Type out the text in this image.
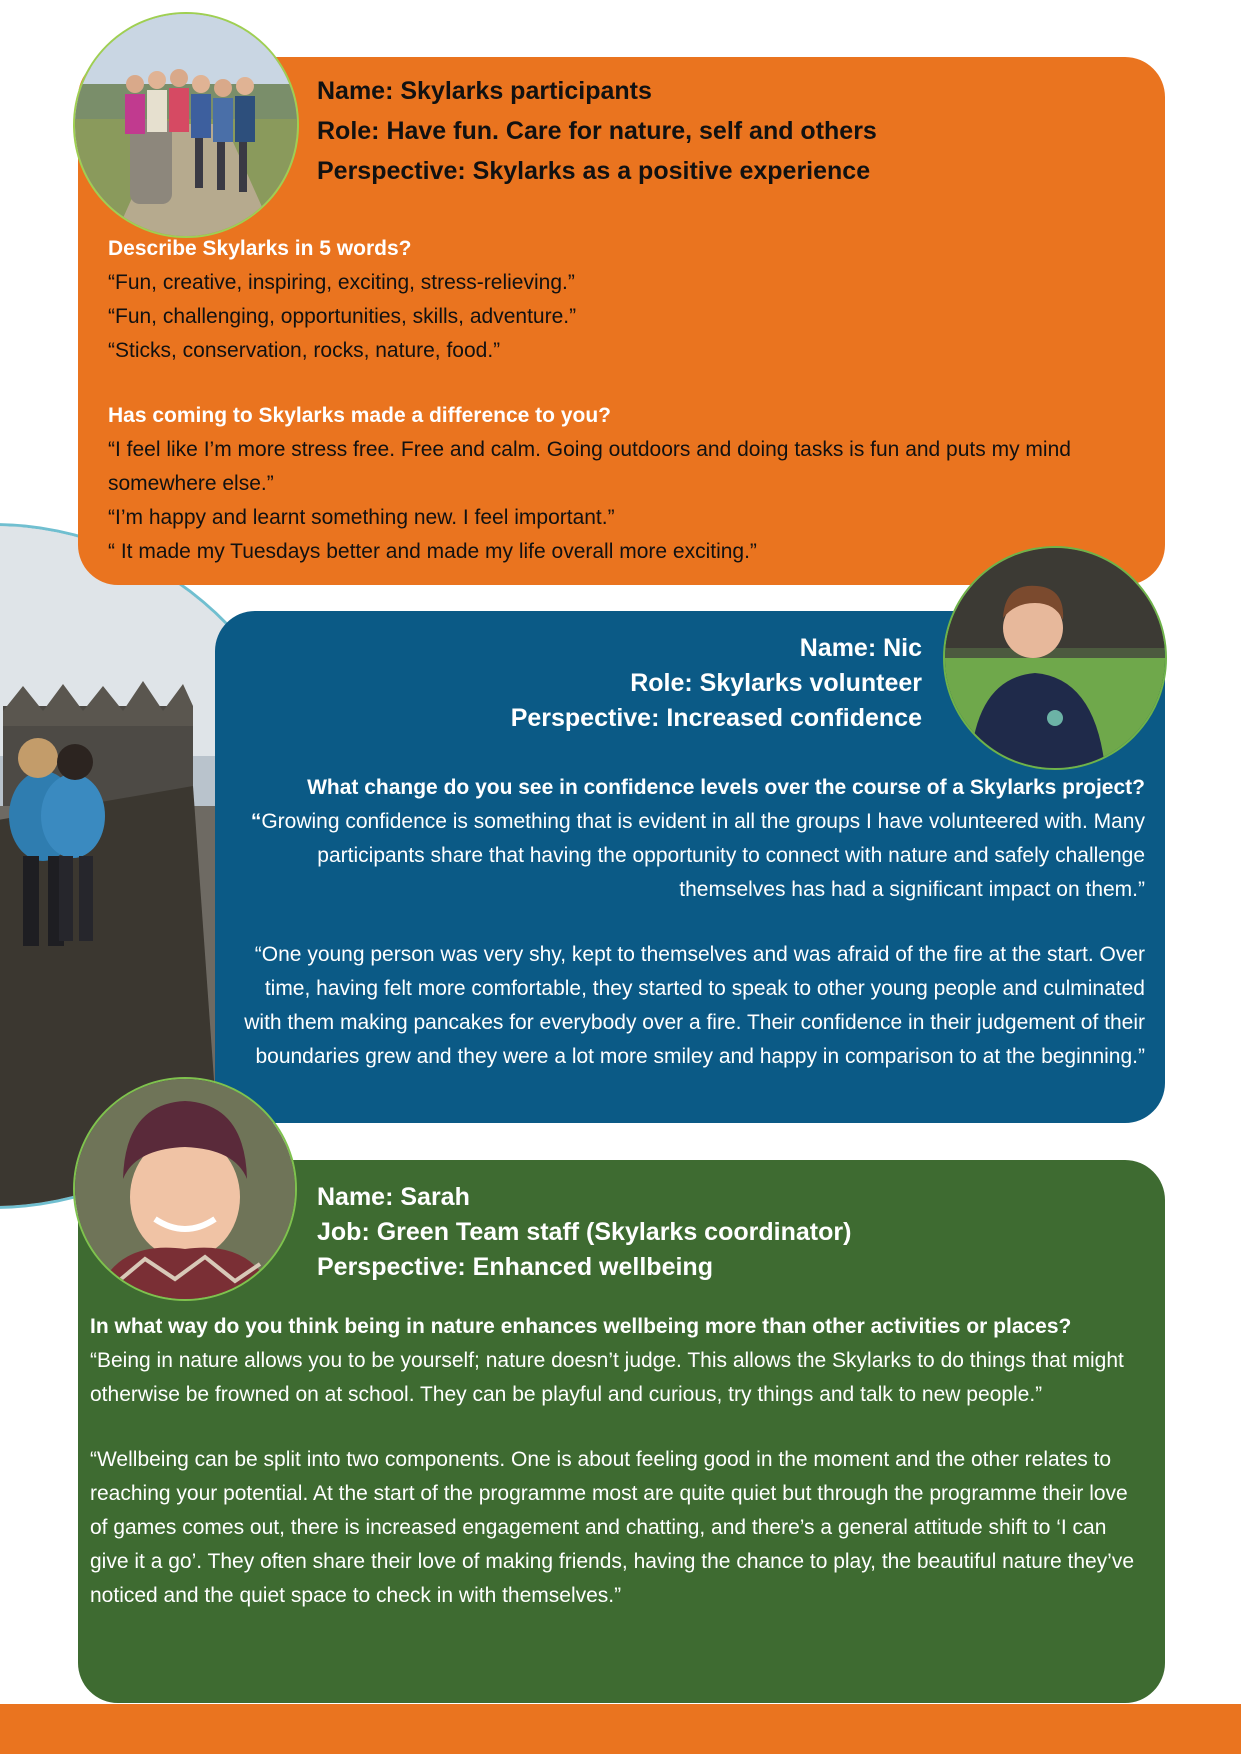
Name: Skylarks participants
Role: Have fun. Care for nature, self and others
Perspective: Skylarks as a positive experience

Describe Skylarks in 5 words?

“Fun, creative, inspiring, exciting, stress-relieving.”

“Fun, challenging, opportunities, skills, adventure.”

“Sticks, conservation, rocks, nature, food.”

Has coming to Skylarks made a difference to you?

“I feel like I’m more stress free. Free and calm. Going outdoors and doing tasks is fun and puts my mind somewhere else.”

“I’m happy and learnt something new. I feel important.”

“ It made my Tuesdays better and made my life overall more exciting.”

Name: Nic
Role: Skylarks volunteer
Perspective: Increased confidence

What change do you see in confidence levels over the course of a Skylarks project?

“Growing confidence is something that is evident in all the groups I have volunteered with. Many participants share that having the opportunity to connect with nature and safely challenge themselves has had a significant impact on them.”

“One young person was very shy, kept to themselves and was afraid of the fire at the start. Over time, having felt more comfortable, they started to speak to other young people and culminated with them making pancakes for everybody over a fire. Their confidence in their judgement of their boundaries grew and they were a lot more smiley and happy in comparison to at the beginning.”

Name: Sarah
Job: Green Team staff (Skylarks coordinator)
Perspective: Enhanced wellbeing

In what way do you think being in nature enhances wellbeing more than other activities or places?

“Being in nature allows you to be yourself; nature doesn’t judge. This allows the Skylarks to do things that might otherwise be frowned on at school. They can be playful and curious, try things and talk to new people.”

“Wellbeing can be split into two components. One is about feeling good in the moment and the other relates to reaching your potential. At the start of the programme most are quite quiet but through the programme their love of games comes out, there is increased engagement and chatting, and there’s a general attitude shift to ‘I can give it a go’. They often share their love of making friends, having the chance to play, the beautiful nature they’ve noticed and the quiet space to check in with themselves.”
